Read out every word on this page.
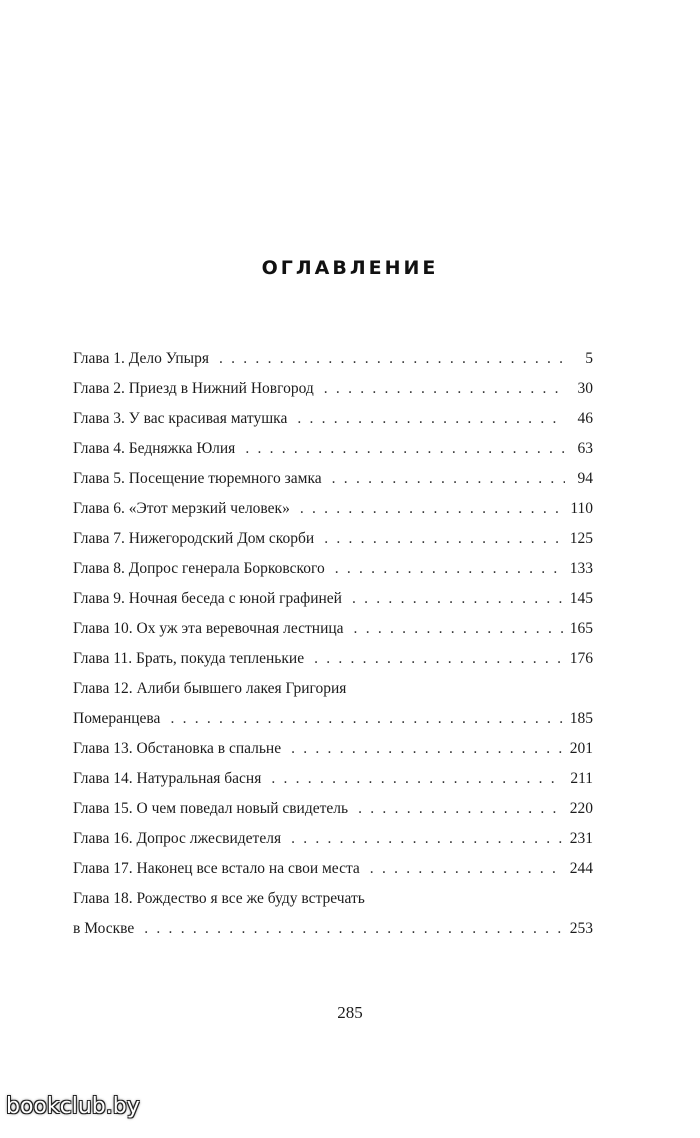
ОГЛАВЛЕНИЕ
Глава 1. Дело Упыря . . .	5
Глава 2. Приезд в Нижний Новгород . . .	30
Глава 3. У вас красивая матушка . . .	46
Глава 4. Бедняжка Юлия . . .	63
Глава 5. Посещение тюремного замка . . .	94
Глава 6. «Этот мерзкий человек» . . .	110
Глава 7. Нижегородский Дом скорби . . .	125
Глава 8. Допрос генерала Борковского . . .	133
Глава 9. Ночная беседа с юной графиней . . .	145
Глава 10. Ох уж эта веревочная лестница . . .	165
Глава 11. Брать, покуда тепленькие . . .	176
Глава 12. Алиби бывшего лакея Григория
Померанцева . . .	185
Глава 13. Обстановка в спальне . . .	201
Глава 14. Натуральная басня . . .	211
Глава 15. О чем поведал новый свидетель . . .	220
Глава 16. Допрос лжесвидетеля . . .	231
Глава 17. Наконец все встало на свои места . . .	244
Глава 18. Рождество я все же буду встречать
в Москве . . .	253
285
bookclub.by
